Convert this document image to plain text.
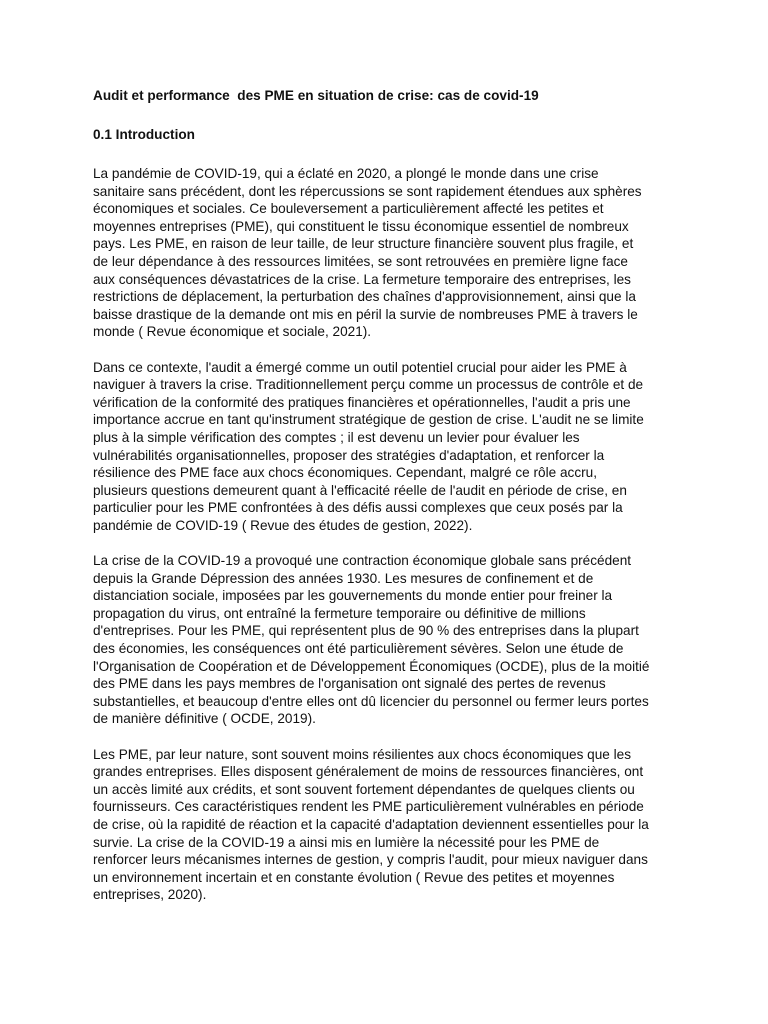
Audit et performance  des PME en situation de crise: cas de covid-19

0.1 Introduction

La pandémie de COVID-19, qui a éclaté en 2020, a plongé le monde dans une crise
sanitaire sans précédent, dont les répercussions se sont rapidement étendues aux sphères
économiques et sociales. Ce bouleversement a particulièrement affecté les petites et
moyennes entreprises (PME), qui constituent le tissu économique essentiel de nombreux
pays. Les PME, en raison de leur taille, de leur structure financière souvent plus fragile, et
de leur dépendance à des ressources limitées, se sont retrouvées en première ligne face
aux conséquences dévastatrices de la crise. La fermeture temporaire des entreprises, les
restrictions de déplacement, la perturbation des chaînes d'approvisionnement, ainsi que la
baisse drastique de la demande ont mis en péril la survie de nombreuses PME à travers le
monde ( Revue économique et sociale, 2021).

Dans ce contexte, l'audit a émergé comme un outil potentiel crucial pour aider les PME à
naviguer à travers la crise. Traditionnellement perçu comme un processus de contrôle et de
vérification de la conformité des pratiques financières et opérationnelles, l'audit a pris une
importance accrue en tant qu'instrument stratégique de gestion de crise. L'audit ne se limite
plus à la simple vérification des comptes ; il est devenu un levier pour évaluer les
vulnérabilités organisationnelles, proposer des stratégies d'adaptation, et renforcer la
résilience des PME face aux chocs économiques. Cependant, malgré ce rôle accru,
plusieurs questions demeurent quant à l'efficacité réelle de l'audit en période de crise, en
particulier pour les PME confrontées à des défis aussi complexes que ceux posés par la
pandémie de COVID-19 ( Revue des études de gestion, 2022).

La crise de la COVID-19 a provoqué une contraction économique globale sans précédent
depuis la Grande Dépression des années 1930. Les mesures de confinement et de
distanciation sociale, imposées par les gouvernements du monde entier pour freiner la
propagation du virus, ont entraîné la fermeture temporaire ou définitive de millions
d'entreprises. Pour les PME, qui représentent plus de 90 % des entreprises dans la plupart
des économies, les conséquences ont été particulièrement sévères. Selon une étude de
l'Organisation de Coopération et de Développement Économiques (OCDE), plus de la moitié
des PME dans les pays membres de l'organisation ont signalé des pertes de revenus
substantielles, et beaucoup d'entre elles ont dû licencier du personnel ou fermer leurs portes
de manière définitive ( OCDE, 2019).

Les PME, par leur nature, sont souvent moins résilientes aux chocs économiques que les
grandes entreprises. Elles disposent généralement de moins de ressources financières, ont
un accès limité aux crédits, et sont souvent fortement dépendantes de quelques clients ou
fournisseurs. Ces caractéristiques rendent les PME particulièrement vulnérables en période
de crise, où la rapidité de réaction et la capacité d'adaptation deviennent essentielles pour la
survie. La crise de la COVID-19 a ainsi mis en lumière la nécessité pour les PME de
renforcer leurs mécanismes internes de gestion, y compris l'audit, pour mieux naviguer dans
un environnement incertain et en constante évolution ( Revue des petites et moyennes
entreprises, 2020).
